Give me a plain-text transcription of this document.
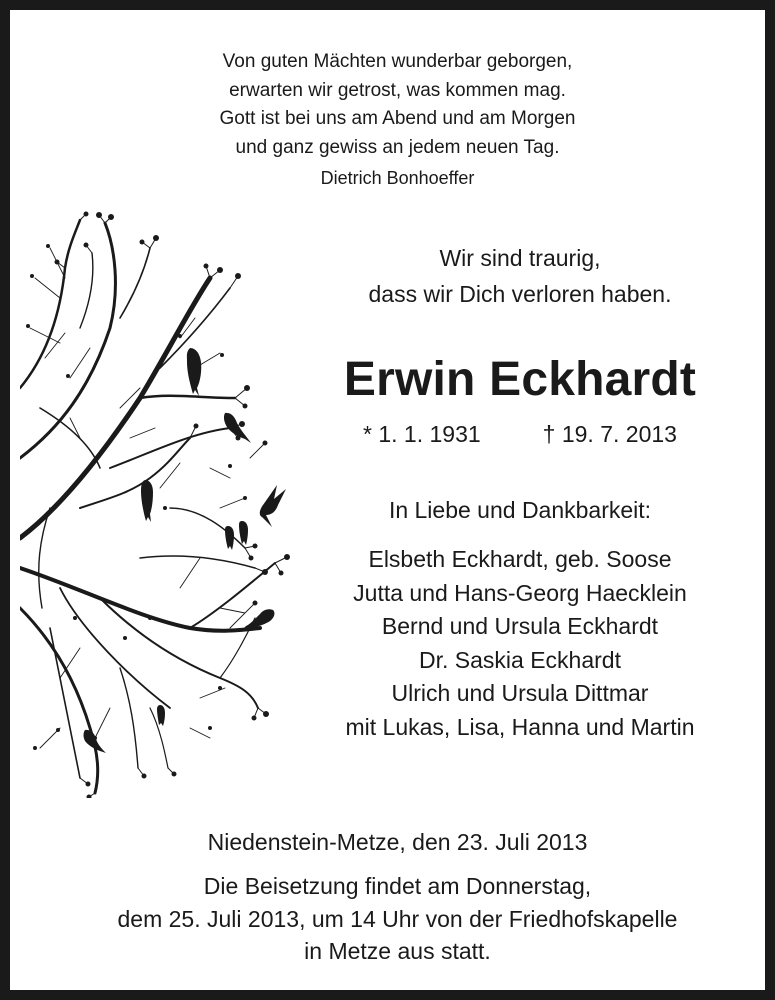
Von guten Mächten wunderbar geborgen,
erwarten wir getrost, was kommen mag.
Gott ist bei uns am Abend und am Morgen
und ganz gewiss an jedem neuen Tag.
Dietrich Bonhoeffer
Wir sind traurig,
dass wir Dich verloren haben.
Erwin Eckhardt
* 1. 1. 1931	† 19. 7. 2013
In Liebe und Dankbarkeit:
Elsbeth Eckhardt, geb. Soose
Jutta und Hans-Georg Haecklein
Bernd und Ursula Eckhardt
Dr. Saskia Eckhardt
Ulrich und Ursula Dittmar
mit Lukas, Lisa, Hanna und Martin
Niedenstein-Metze, den 23. Juli 2013
Die Beisetzung findet am Donnerstag,
dem 25. Juli 2013, um 14 Uhr von der Friedhofskapelle
in Metze aus statt.
